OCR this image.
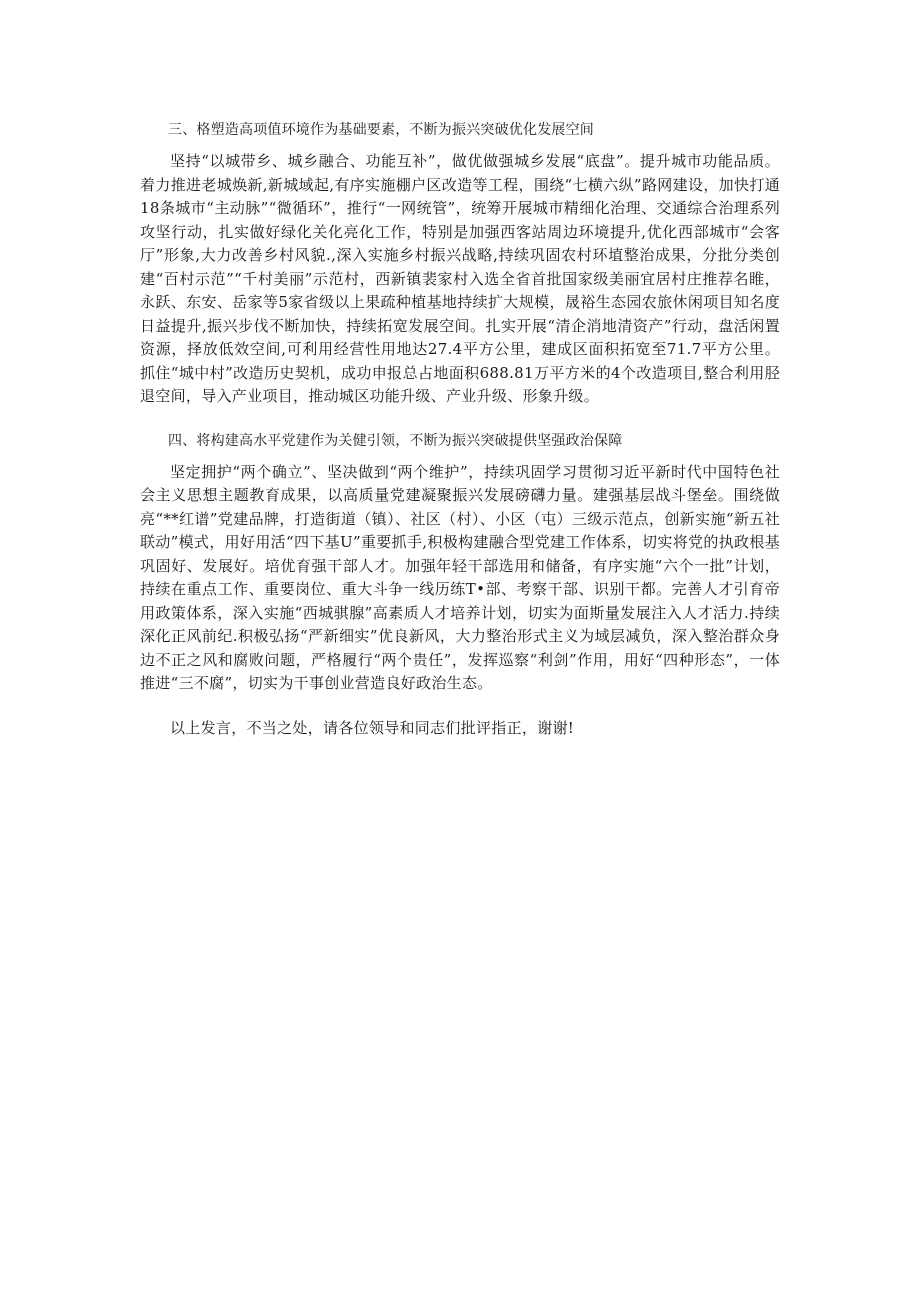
三、格塑造高项值环境作为基础要素，不断为振兴突破优化发展空间

坚持“以城带乡、城乡融合、功能互补”，做优做强城乡发展“底盘”。提升城市功能品质。着力推进老城焕新,新城域起,有序实施棚户区改造等工程，围绕“七横六纵”路网建设，加快打通18条城市“主动脉”“微循环”，推行“一网统管”，统筹开展城市精细化治理、交通综合治理系列攻坚行动，扎实做好绿化关化亮化工作，特别是加强西客站周边环境提升,优化西部城市“会客厅”形象,大力改善乡村风貌.,深入实施乡村振兴战略,持续巩固农村环埴整治成果，分批分类创建“百村示范”“千村美丽”示范村，西新镇裴家村入选全省首批国家级美丽宜居村庄推荐名睢，永跃、东安、岳家等5家省级以上果疏种植基地持续扩大规模，晟裕生态园农旅休闲项目知名度日益提升,振兴步伐不断加快，持续拓宽发展空间。扎实开展“清企消地清资产”行动，盘活闲置资源，择放低效空间,可利用经营性用地达27.4平方公里，建成区面积拓宽至71.7平方公里。抓住“城中村”改造历史契机，成功申报总占地面积688.81万平方米的4个改造项目,整合利用胫退空间，导入产业项目，推动城区功能升级、产业升级、形象升级。

四、将构建高水平党建作为关健引领，不断为振兴突破提供坚强政治保障

坚定拥护“两个确立”、坚决做到“两个维护”，持续巩固学习贯彻习近平新时代中国特色社会主义思想主题教育成果，以高质量党建凝聚振兴发展磅礴力量。建强基层战斗堡垒。围绕做亮“**红谱”党建品牌，打造街道（镇）、社区（村）、小区（屯）三级示范点，创新实施“新五社联动”模式，用好用活“四下基U”重要抓手,积极构建融合型党建工作体系，切实将党的执政根基巩固好、发展好。培优育强干部人才。加强年轻干部选用和储备，有序实施“六个一批”计划，持续在重点工作、重要岗位、重大斗争一线历练T•部、考察干部、识别干都。完善人才引育帝用政策体系，深入实施“西城骐腺”高素质人才培养计划，切实为面斯量发展注入人才活力.持续深化正风前纪.积极弘扬“严新细实”优良新风，大力整治形式主义为域层减负，深入整治群众身边不正之风和腐败问题，严格履行“两个贵任”，发挥巡察“利剑”作用，用好“四种形态”，一体推进“三不腐”，切实为干事创业营造良好政治生态。

以上发言，不当之处，请各位领导和同志们批评指正，谢谢!
